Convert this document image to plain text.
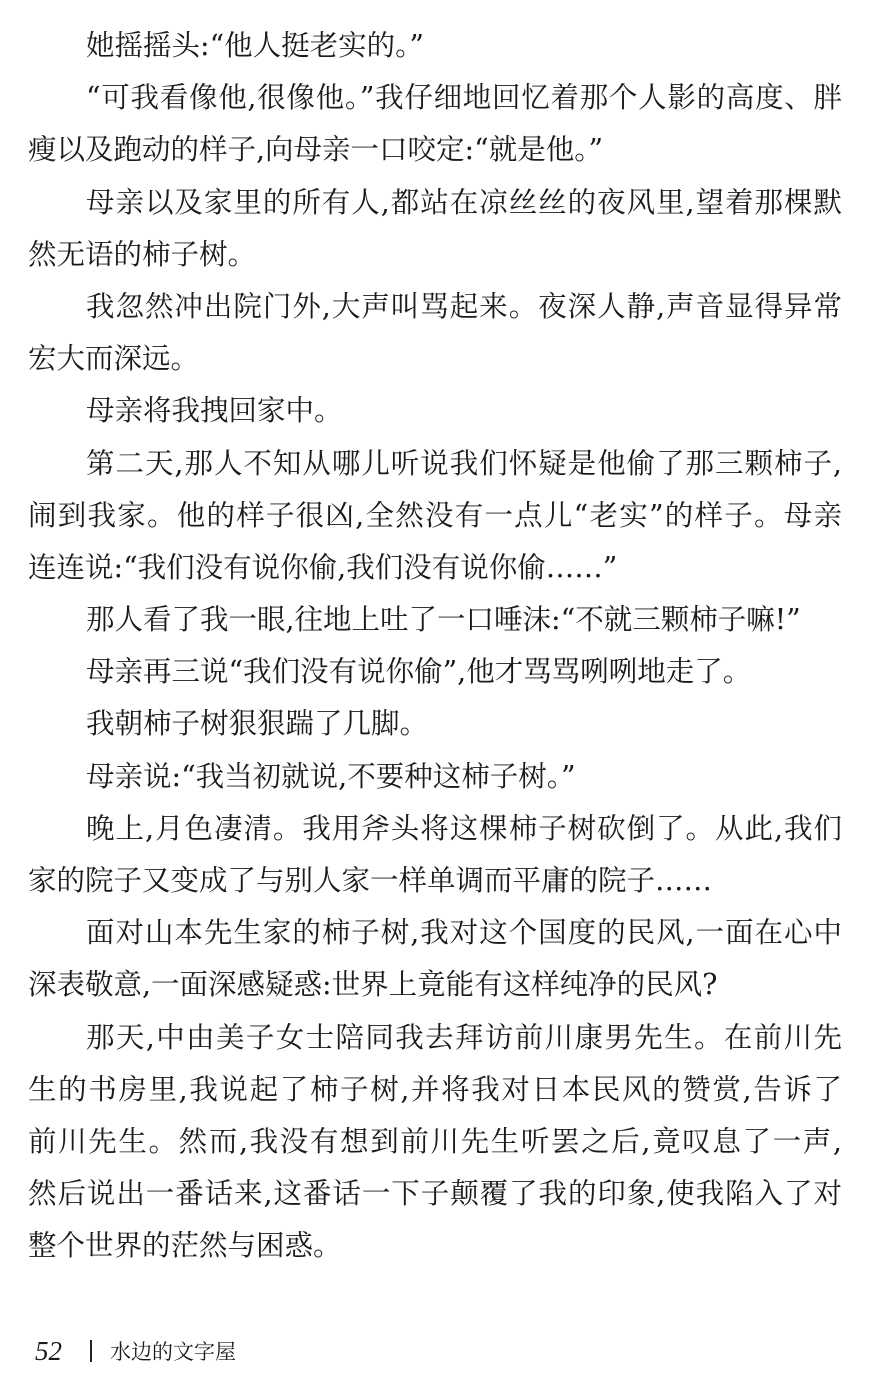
她摇摇头:“他人挺老实的。”
“可我看像他,很像他。”我仔细地回忆着那个人影的高度、胖
瘦以及跑动的样子,向母亲一口咬定:“就是他。”
母亲以及家里的所有人,都站在凉丝丝的夜风里,望着那棵默
然无语的柿子树。
我忽然冲出院门外,大声叫骂起来。夜深人静,声音显得异常
宏大而深远。
母亲将我拽回家中。
第二天,那人不知从哪儿听说我们怀疑是他偷了那三颗柿子,
闹到我家。他的样子很凶,全然没有一点儿“老实”的样子。母亲
连连说:“我们没有说你偷,我们没有说你偷……”
那人看了我一眼,往地上吐了一口唾沫:“不就三颗柿子嘛!”
母亲再三说“我们没有说你偷”,他才骂骂咧咧地走了。
我朝柿子树狠狠踹了几脚。
母亲说:“我当初就说,不要种这柿子树。”
晚上,月色凄清。我用斧头将这棵柿子树砍倒了。从此,我们
家的院子又变成了与别人家一样单调而平庸的院子……
面对山本先生家的柿子树,我对这个国度的民风,一面在心中
深表敬意,一面深感疑惑:世界上竟能有这样纯净的民风?
那天,中由美子女士陪同我去拜访前川康男先生。在前川先
生的书房里,我说起了柿子树,并将我对日本民风的赞赏,告诉了
前川先生。然而,我没有想到前川先生听罢之后,竟叹息了一声,
然后说出一番话来,这番话一下子颠覆了我的印象,使我陷入了对
整个世界的茫然与困惑。
52 水边的文字屋
